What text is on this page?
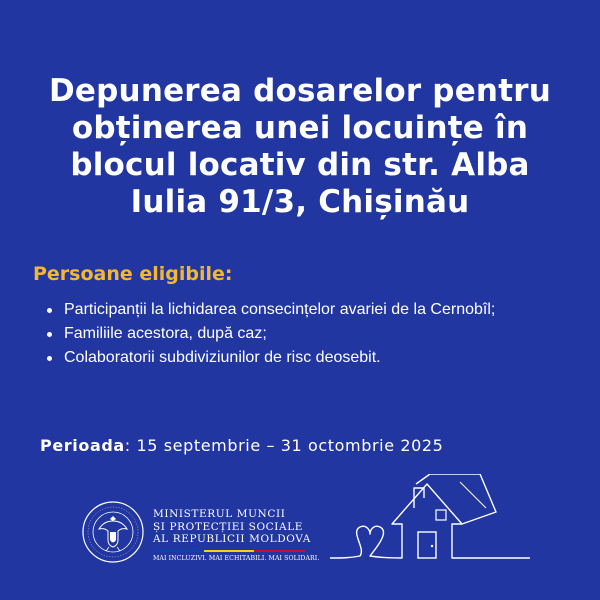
Depunerea dosarelor pentru
obținerea unei locuințe în
blocul locativ din str. Alba
Iulia 91/3, Chișinău
Persoane eligibile:
Participanții la lichidarea consecințelor avariei de la Cernobîl;
Familiile acestora, după caz;
Colaboratorii subdiviziunilor de risc deosebit.

Perioada: 15 septembrie – 31 octombrie 2025

MINISTERUL MUNCII
ȘI PROTECȚIEI SOCIALE
AL REPUBLICII MOLDOVA
MAI INCLUZIVI. MAI ECHITABILI. MAI SOLIDARI.
